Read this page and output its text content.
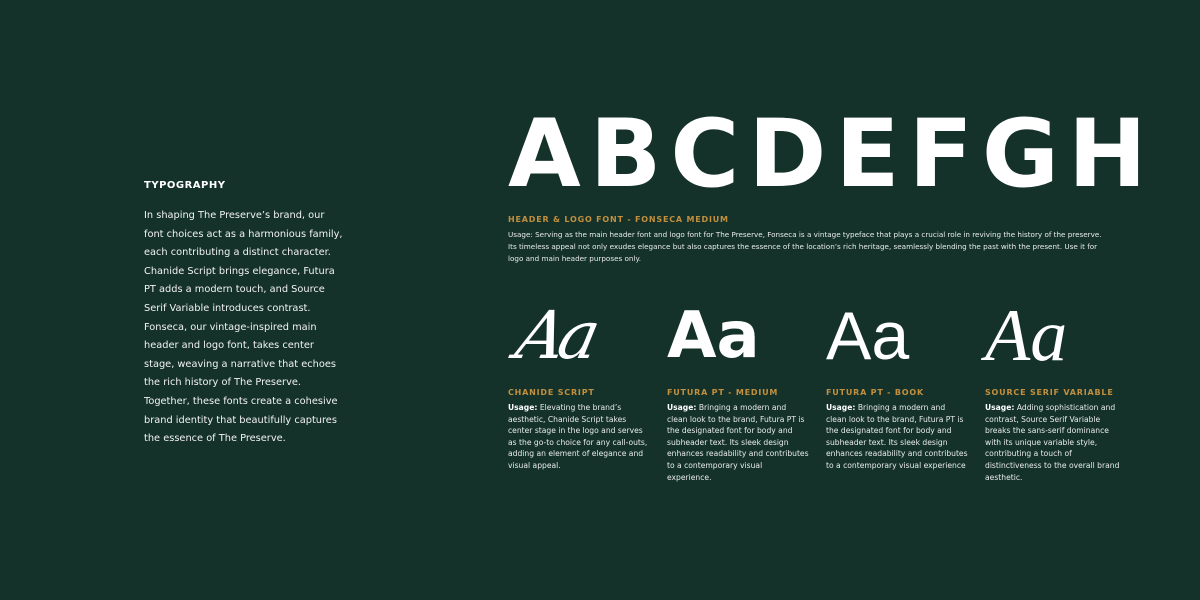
TYPOGRAPHY

In shaping The Preserve’s brand, our font choices act as a harmonious family, each contributing a distinct character. Chanide Script brings elegance, Futura PT adds a modern touch, and Source Serif Variable introduces contrast. Fonseca, our vintage-inspired main header and logo font, takes center stage, weaving a narrative that echoes the rich history of The Preserve. Together, these fonts create a cohesive brand identity that beautifully captures the essence of The Preserve.

ABCDEFGH
HEADER & LOGO FONT - FONSECA MEDIUM

Usage: Serving as the main header font and logo font for The Preserve, Fonseca is a vintage typeface that plays a crucial role in reviving the history of the preserve. Its timeless appeal not only exudes elegance but also captures the essence of the location’s rich heritage, seamlessly blending the past with the present. Use it for logo and main header purposes only.

Aa
CHANIDE SCRIPT

Usage: Elevating the brand’s aesthetic, Chanide Script takes center stage in the logo and serves as the go-to choice for any call-outs, adding an element of elegance and visual appeal.

Aa
FUTURA PT - MEDIUM

Usage: Bringing a modern and clean look to the brand, Futura PT is the designated font for body and subheader text. Its sleek design enhances readability and contributes to a contemporary visual experience.

Aa
FUTURA PT - BOOK

Usage: Bringing a modern and clean look to the brand, Futura PT is the designated font for body and subheader text. Its sleek design enhances readability and contributes to a contemporary visual experience

Aa
SOURCE SERIF VARIABLE

Usage: Adding sophistication and contrast, Source Serif Variable breaks the sans-serif dominance with its unique variable style, contributing a touch of distinctiveness to the overall brand aesthetic.
